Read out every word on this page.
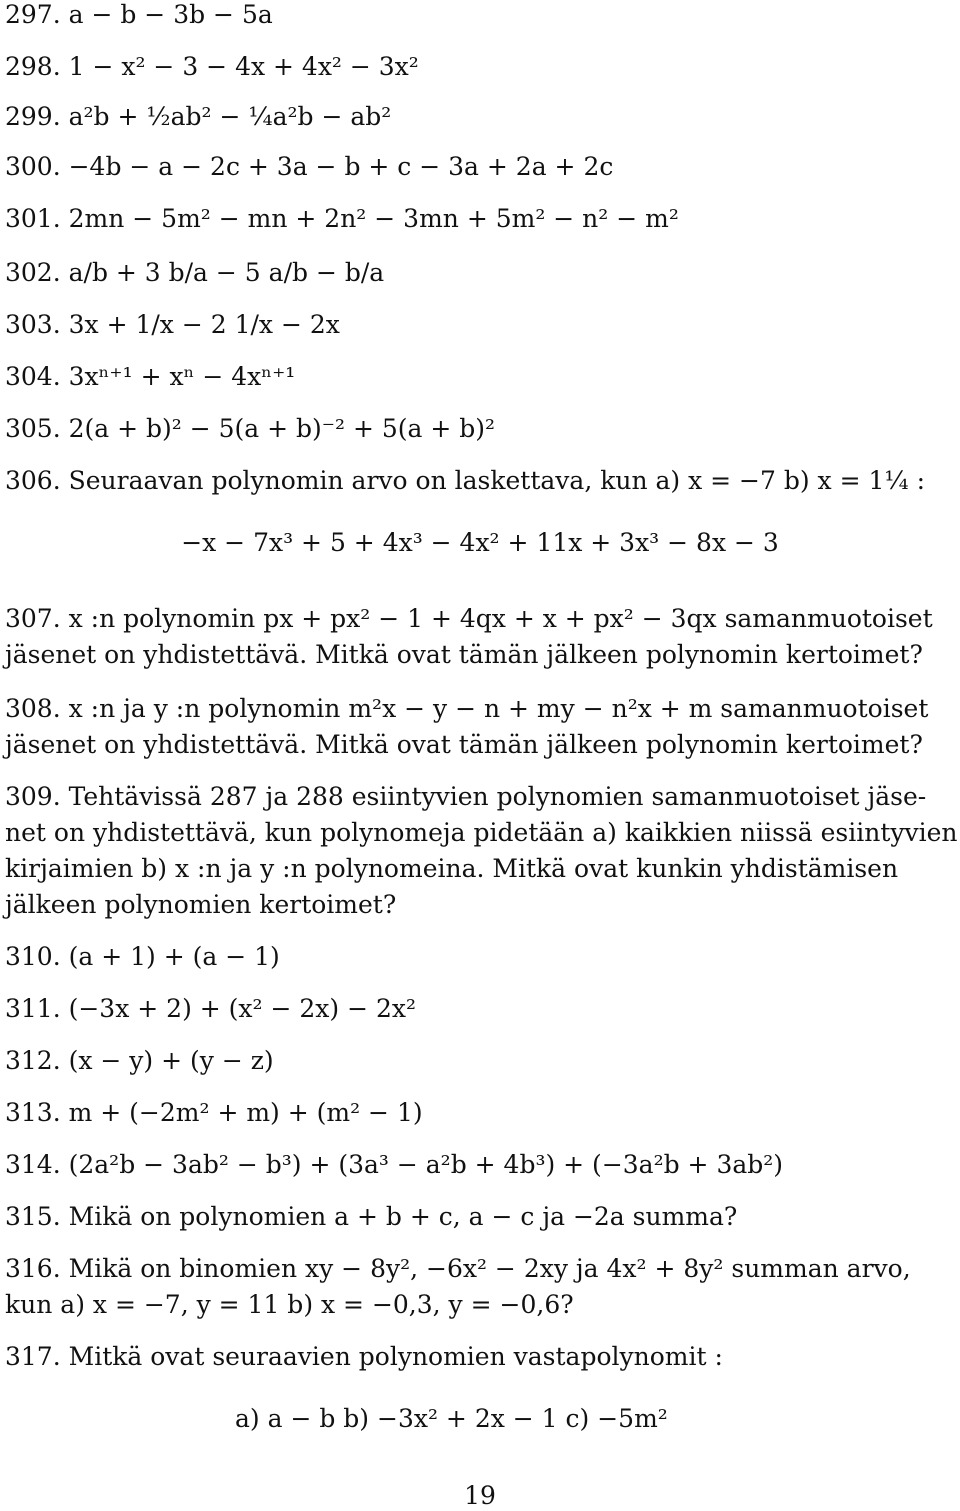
297. a − b − 3b − 5a
298. 1 − x² − 3 − 4x + 4x² − 3x²
299. a²b + ½ab² − ¼a²b − ab²
300. −4b − a − 2c + 3a − b + c − 3a + 2a + 2c
301. 2mn − 5m² − mn + 2n² − 3mn + 5m² − n² − m²
302. a/b + 3 b/a − 5 a/b − b/a
303. 3x + 1/x − 2 1/x − 2x
304. 3xⁿ⁺¹ + xⁿ − 4xⁿ⁺¹
305. 2(a + b)² − 5(a + b)⁻² + 5(a + b)²
306. Seuraavan polynomin arvo on laskettava, kun a) x = −7 b) x = 1¼ :
−x − 7x³ + 5 + 4x³ − 4x² + 11x + 3x³ − 8x − 3
307. x :n polynomin px + px² − 1 + 4qx + x + px² − 3qx samanmuotoiset
jäsenet on yhdistettävä. Mitkä ovat tämän jälkeen polynomin kertoimet?
308. x :n ja y :n polynomin m²x − y − n + my − n²x + m samanmuotoiset
jäsenet on yhdistettävä. Mitkä ovat tämän jälkeen polynomin kertoimet?
309. Tehtävissä 287 ja 288 esiintyvien polynomien samanmuotoiset jäse-
net on yhdistettävä, kun polynomeja pidetään a) kaikkien niissä esiintyvien
kirjaimien b) x :n ja y :n polynomeina. Mitkä ovat kunkin yhdistämisen
jälkeen polynomien kertoimet?
310. (a + 1) + (a − 1)
311. (−3x + 2) + (x² − 2x) − 2x²
312. (x − y) + (y − z)
313. m + (−2m² + m) + (m² − 1)
314. (2a²b − 3ab² − b³) + (3a³ − a²b + 4b³) + (−3a²b + 3ab²)
315. Mikä on polynomien a + b + c, a − c ja −2a summa?
316. Mikä on binomien xy − 8y², −6x² − 2xy ja 4x² + 8y² summan arvo,
kun a) x = −7, y = 11 b) x = −0,3, y = −0,6?
317. Mitkä ovat seuraavien polynomien vastapolynomit :
a) a − b b) −3x² + 2x − 1 c) −5m²
19
